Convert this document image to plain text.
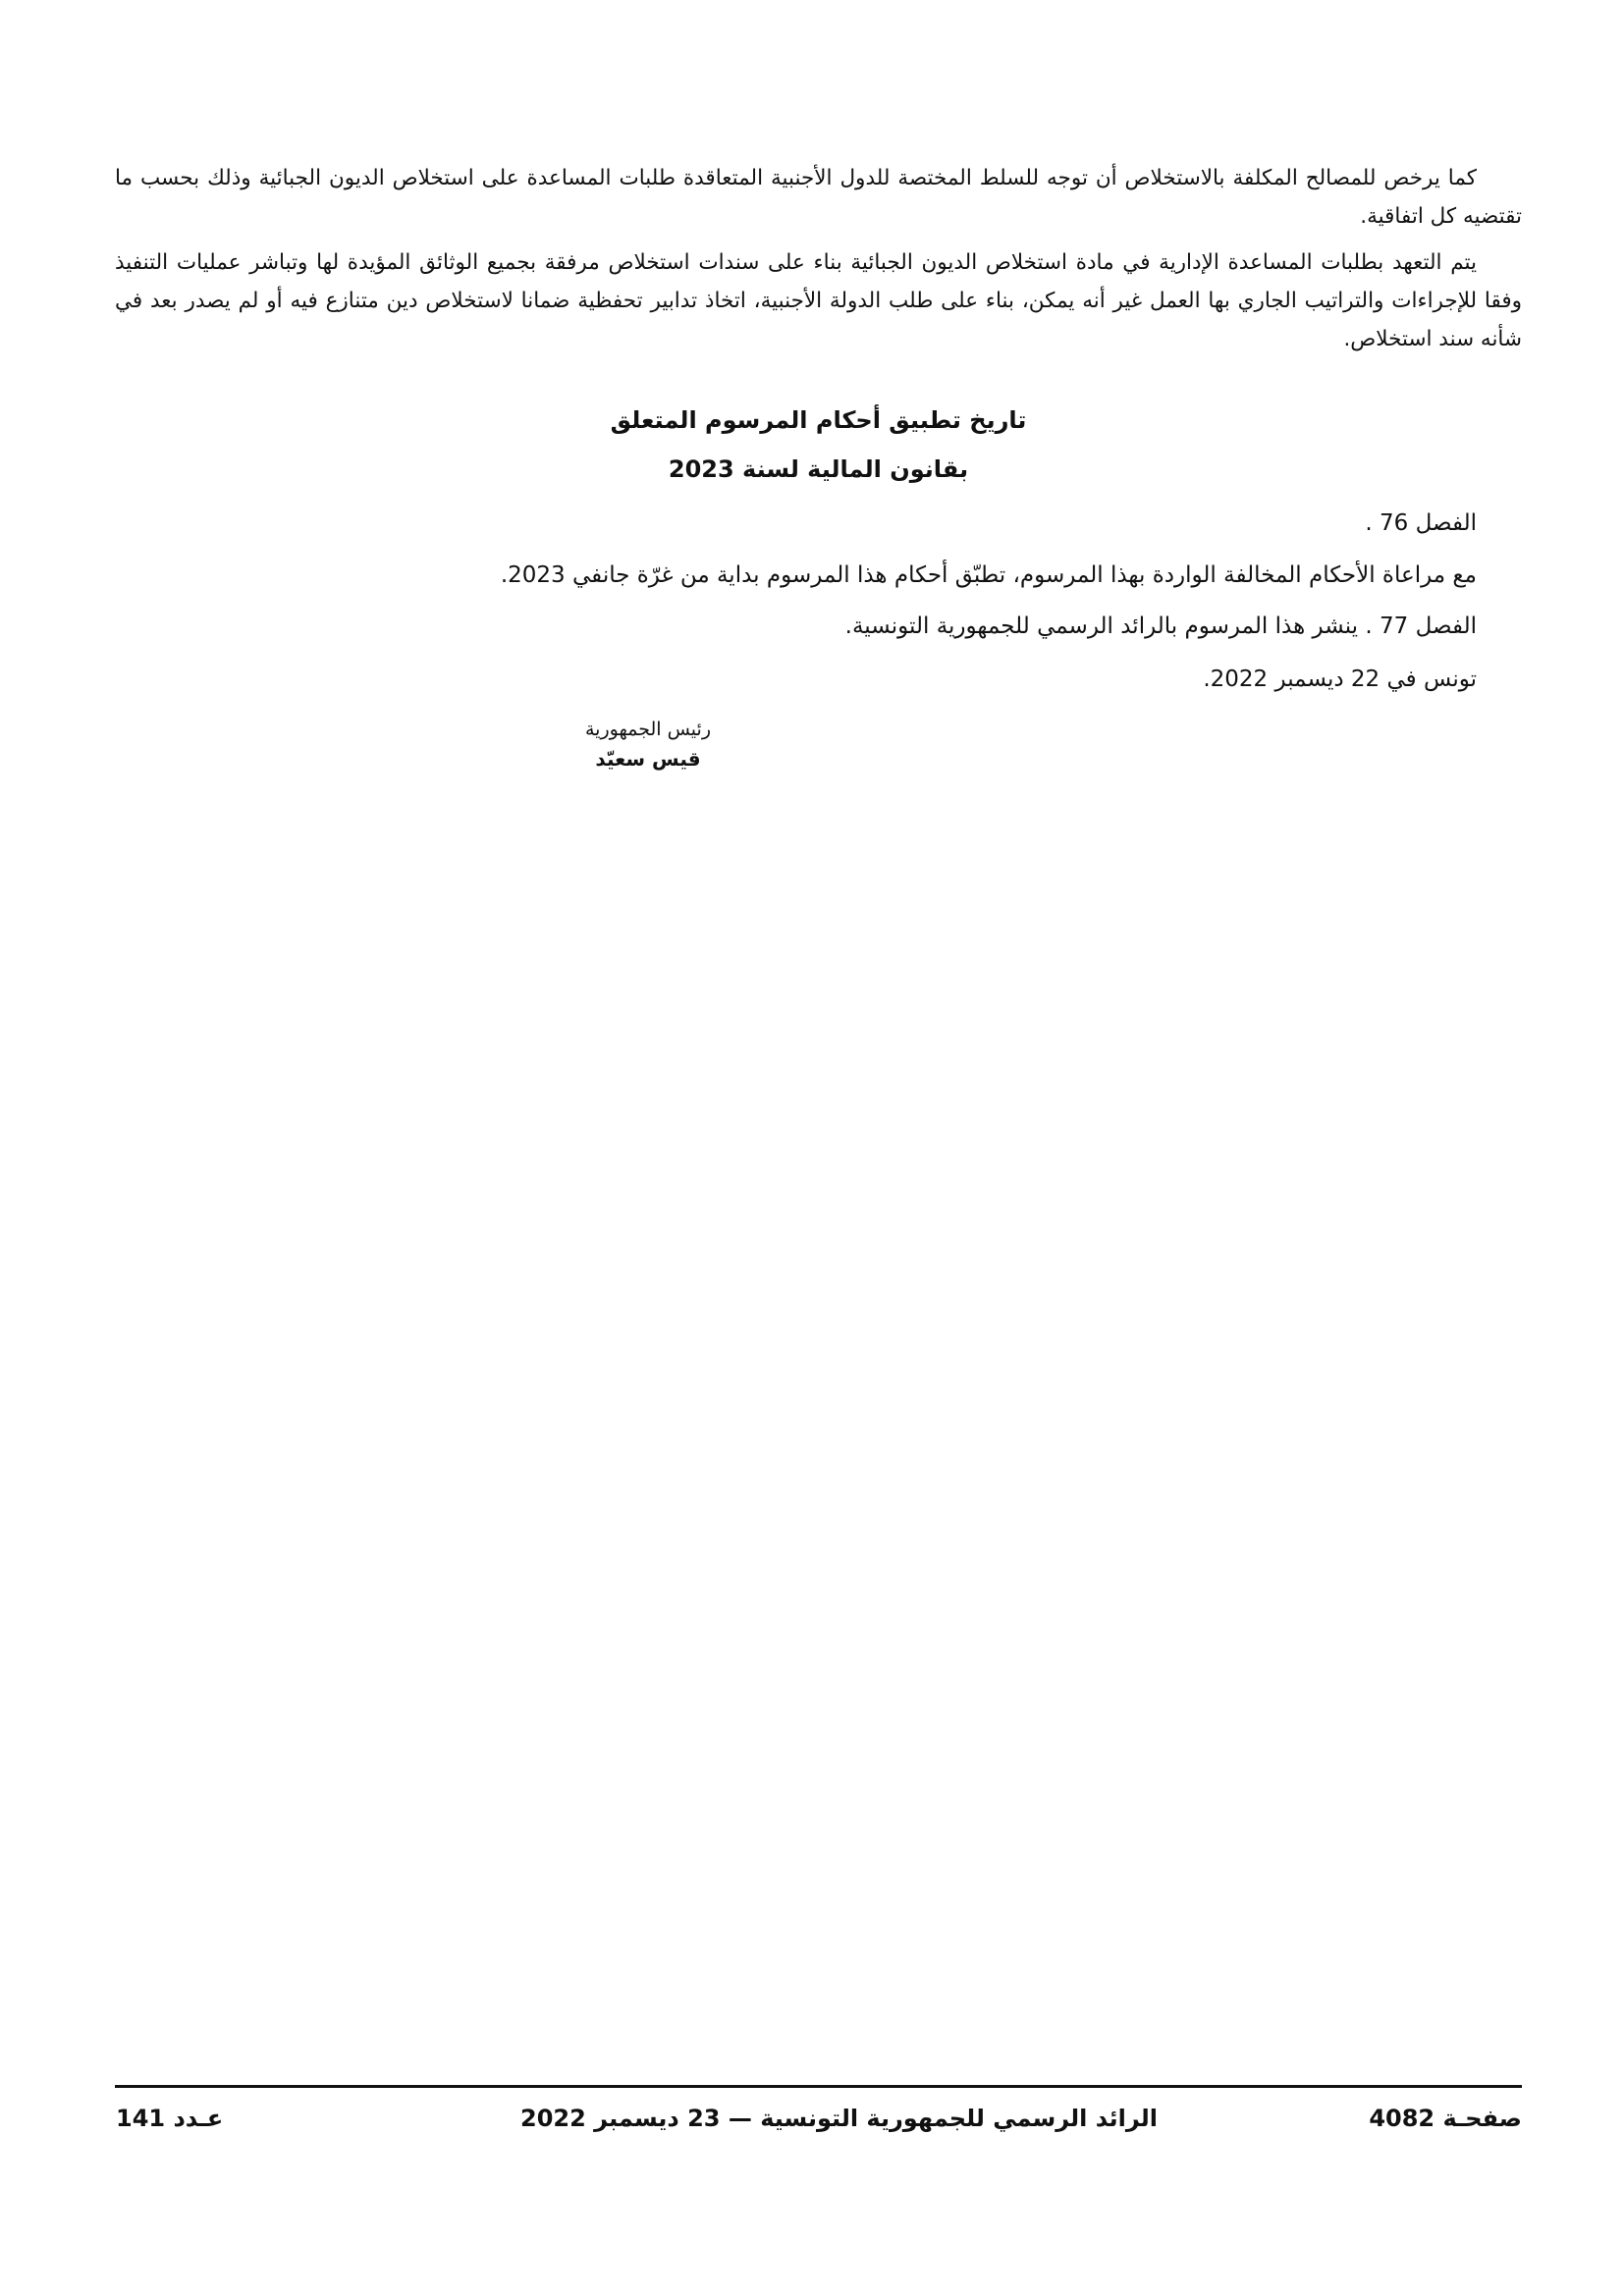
كما يرخص للمصالح المكلفة بالاستخلاص أن توجه للسلط المختصة للدول الأجنبية المتعاقدة طلبات المساعدة على استخلاص الديون الجبائية وذلك بحسب ما تقتضيه كل اتفاقية.

يتم التعهد بطلبات المساعدة الإدارية في مادة استخلاص الديون الجبائية بناء على سندات استخلاص مرفقة بجميع الوثائق المؤيدة لها وتباشر عمليات التنفيذ وفقا للإجراءات والتراتيب الجاري بها العمل غير أنه يمكن، بناء على طلب الدولة الأجنبية، اتخاذ تدابير تحفظية ضمانا لاستخلاص دين متنازع فيه أو لم يصدر بعد في شأنه سند استخلاص.

تاريخ تطبيق أحكام المرسوم المتعلق
بقانون المالية لسنة 2023
الفصل 76 .
مع مراعاة الأحكام المخالفة الواردة بهذا المرسوم، تطبّق أحكام هذا المرسوم بداية من غرّة جانفي 2023.
الفصل 77 . ينشر هذا المرسوم بالرائد الرسمي للجمهورية التونسية.
تونس في 22 ديسمبر 2022.
رئيس الجمهورية
قيس سعيّد
صفحـة 4082
الرائد الرسمي للجمهورية التونسية — 23 ديسمبر 2022
عـدد 141
